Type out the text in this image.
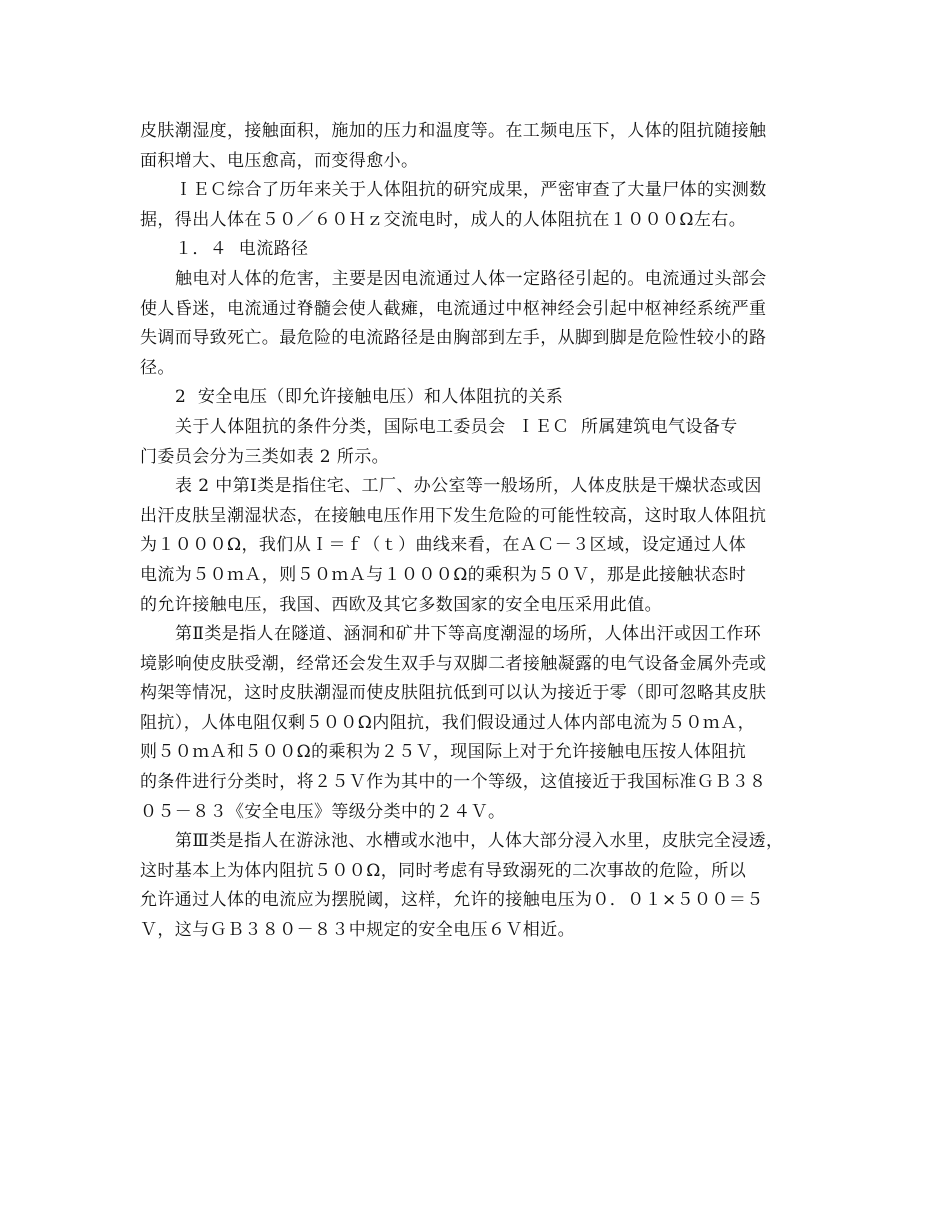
皮肤潮湿度，接触面积，施加的压力和温度等。在工频电压下，人体的阻抗随接触
面积增大、电压愈高，而变得愈小。
ＩＥＣ综合了历年来关于人体阻抗的研究成果，严密审查了大量尸体的实测数
据，得出人体在５０／６０Ｈｚ交流电时，成人的人体阻抗在１０００Ω左右。
１．４  电流路径
触电对人体的危害，主要是因电流通过人体一定路径引起的。电流通过头部会
使人昏迷，电流通过脊髓会使人截瘫，电流通过中枢神经会引起中枢神经系统严重
失调而导致死亡。最危险的电流路径是由胸部到左手，从脚到脚是危险性较小的路
径。
2  安全电压（即允许接触电压）和人体阻抗的关系
关于人体阻抗的条件分类，国际电工委员会  ＩＥＣ  所属建筑电气设备专
门委员会分为三类如表 2 所示。
表 2 中第Ⅰ类是指住宅、工厂、办公室等一般场所，人体皮肤是干燥状态或因
出汗皮肤呈潮湿状态，在接触电压作用下发生危险的可能性较高，这时取人体阻抗
为１０００Ω，我们从Ｉ＝ｆ（ｔ）曲线来看，在ＡＣ－３区域，设定通过人体
电流为５０ｍＡ，则５０ｍＡ与１０００Ω的乘积为５０Ｖ，那是此接触状态时
的允许接触电压，我国、西欧及其它多数国家的安全电压采用此值。
第Ⅱ类是指人在隧道、涵洞和矿井下等高度潮湿的场所，人体出汗或因工作环
境影响使皮肤受潮，经常还会发生双手与双脚二者接触凝露的电气设备金属外壳或
构架等情况，这时皮肤潮湿而使皮肤阻抗低到可以认为接近于零（即可忽略其皮肤
阻抗），人体电阻仅剩５００Ω内阻抗，我们假设通过人体内部电流为５０ｍＡ，
则５０ｍＡ和５００Ω的乘积为２５Ｖ，现国际上对于允许接触电压按人体阻抗
的条件进行分类时，将２５Ｖ作为其中的一个等级，这值接近于我国标准ＧＢ３８
０５－８３《安全电压》等级分类中的２４Ｖ。
第Ⅲ类是指人在游泳池、水槽或水池中，人体大部分浸入水里，皮肤完全浸透，
这时基本上为体内阻抗５００Ω，同时考虑有导致溺死的二次事故的危险，所以
允许通过人体的电流应为摆脱阈，这样，允许的接触电压为０．０１×５００＝５
Ｖ，这与ＧＢ３８０－８３中规定的安全电压６Ｖ相近。
